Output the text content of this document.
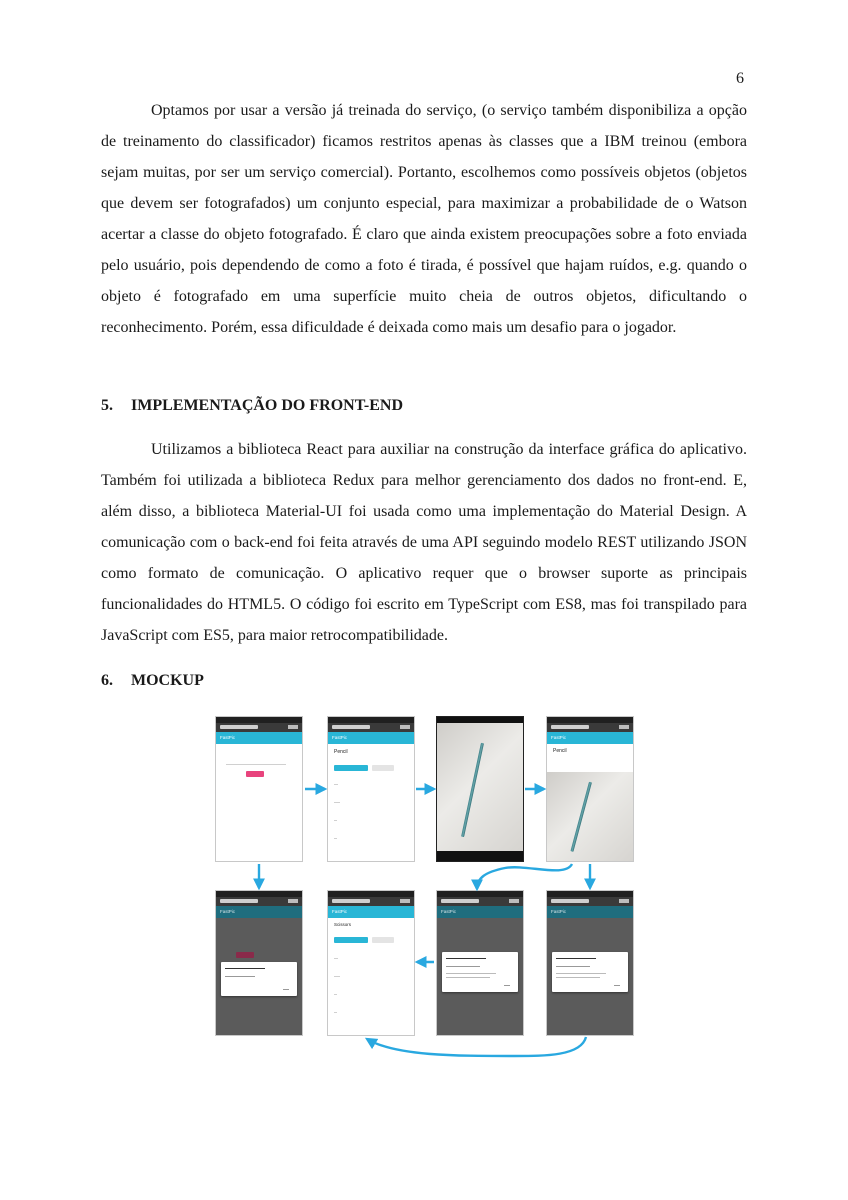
6

Optamos por usar a versão já treinada do serviço, (o serviço também disponibiliza a opção de treinamento do classificador) ficamos restritos apenas às classes que a IBM treinou (embora sejam muitas, por ser um serviço comercial). Portanto, escolhemos como possíveis objetos (objetos que devem ser fotografados) um conjunto especial, para maximizar a probabilidade de o Watson acertar a classe do objeto fotografado. É claro que ainda existem preocupações sobre a foto enviada pelo usuário, pois dependendo de como a foto é tirada, é possível que hajam ruídos, e.g. quando o objeto é fotografado em uma superfície muito cheia de outros objetos, dificultando o reconhecimento. Porém, essa dificuldade é deixada como mais um desafio para o jogador.

5. IMPLEMENTAÇÃO DO FRONT-END

Utilizamos a biblioteca React para auxiliar na construção da interface gráfica do aplicativo. Também foi utilizada a biblioteca Redux para melhor gerenciamento dos dados no front-end. E, além disso, a biblioteca Material-UI foi usada como uma implementação do Material Design. A comunicação com o back-end foi feita através de uma API seguindo modelo REST utilizando JSON como formato de comunicação. O aplicativo requer que o browser suporte as principais funcionalidades do HTML5. O código foi escrito em TypeScript com ES8, mas foi transpilado para JavaScript com ES5, para maior retrocompatibilidade.

6. MOCKUP
FastPic	FastPic
Pencil
FastPic
Pencil
FastPic	FastPic
Scissors
FastPic	FastPic
